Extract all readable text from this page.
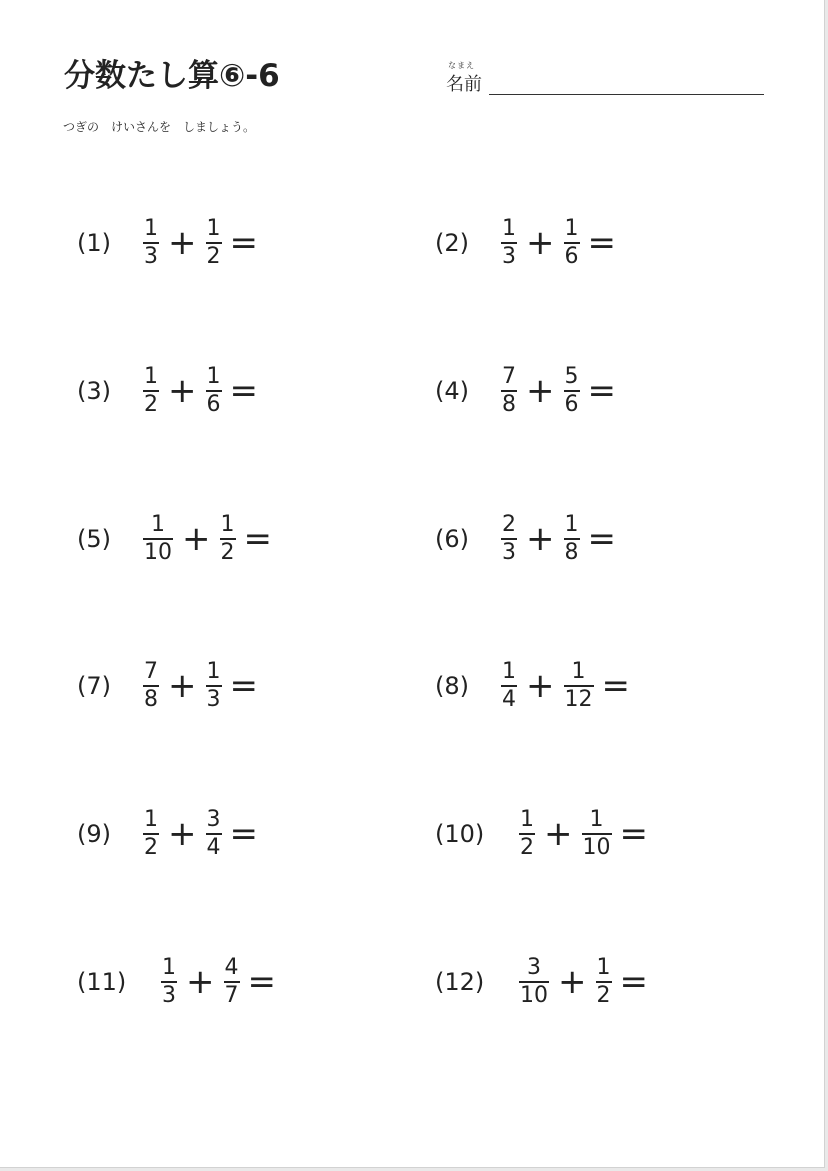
分数たし算⑥-6	なまえ
名前
つぎの　けいさんを　しましょう。
(1)	$\frac{1}{3} + \frac{1}{2}$ =	(2)	$\frac{1}{3} + \frac{1}{6}$ =
(3)	$\frac{1}{2} + \frac{1}{6}$ =	(4)	$\frac{7}{8} + \frac{5}{6}$ =
(5)	$\frac{1}{10} + \frac{1}{2}$ =	(6)	$\frac{2}{3} + \frac{1}{8}$ =
(7)	$\frac{7}{8} + \frac{1}{3}$ =	(8)	$\frac{1}{4} + \frac{1}{12}$ =
(9)	$\frac{1}{2} + \frac{3}{4}$ =	(10)	$\frac{1}{2} + \frac{1}{10}$ =
(11)	$\frac{1}{3} + \frac{4}{7}$ =	(12)	$\frac{3}{10} + \frac{1}{2}$ =
